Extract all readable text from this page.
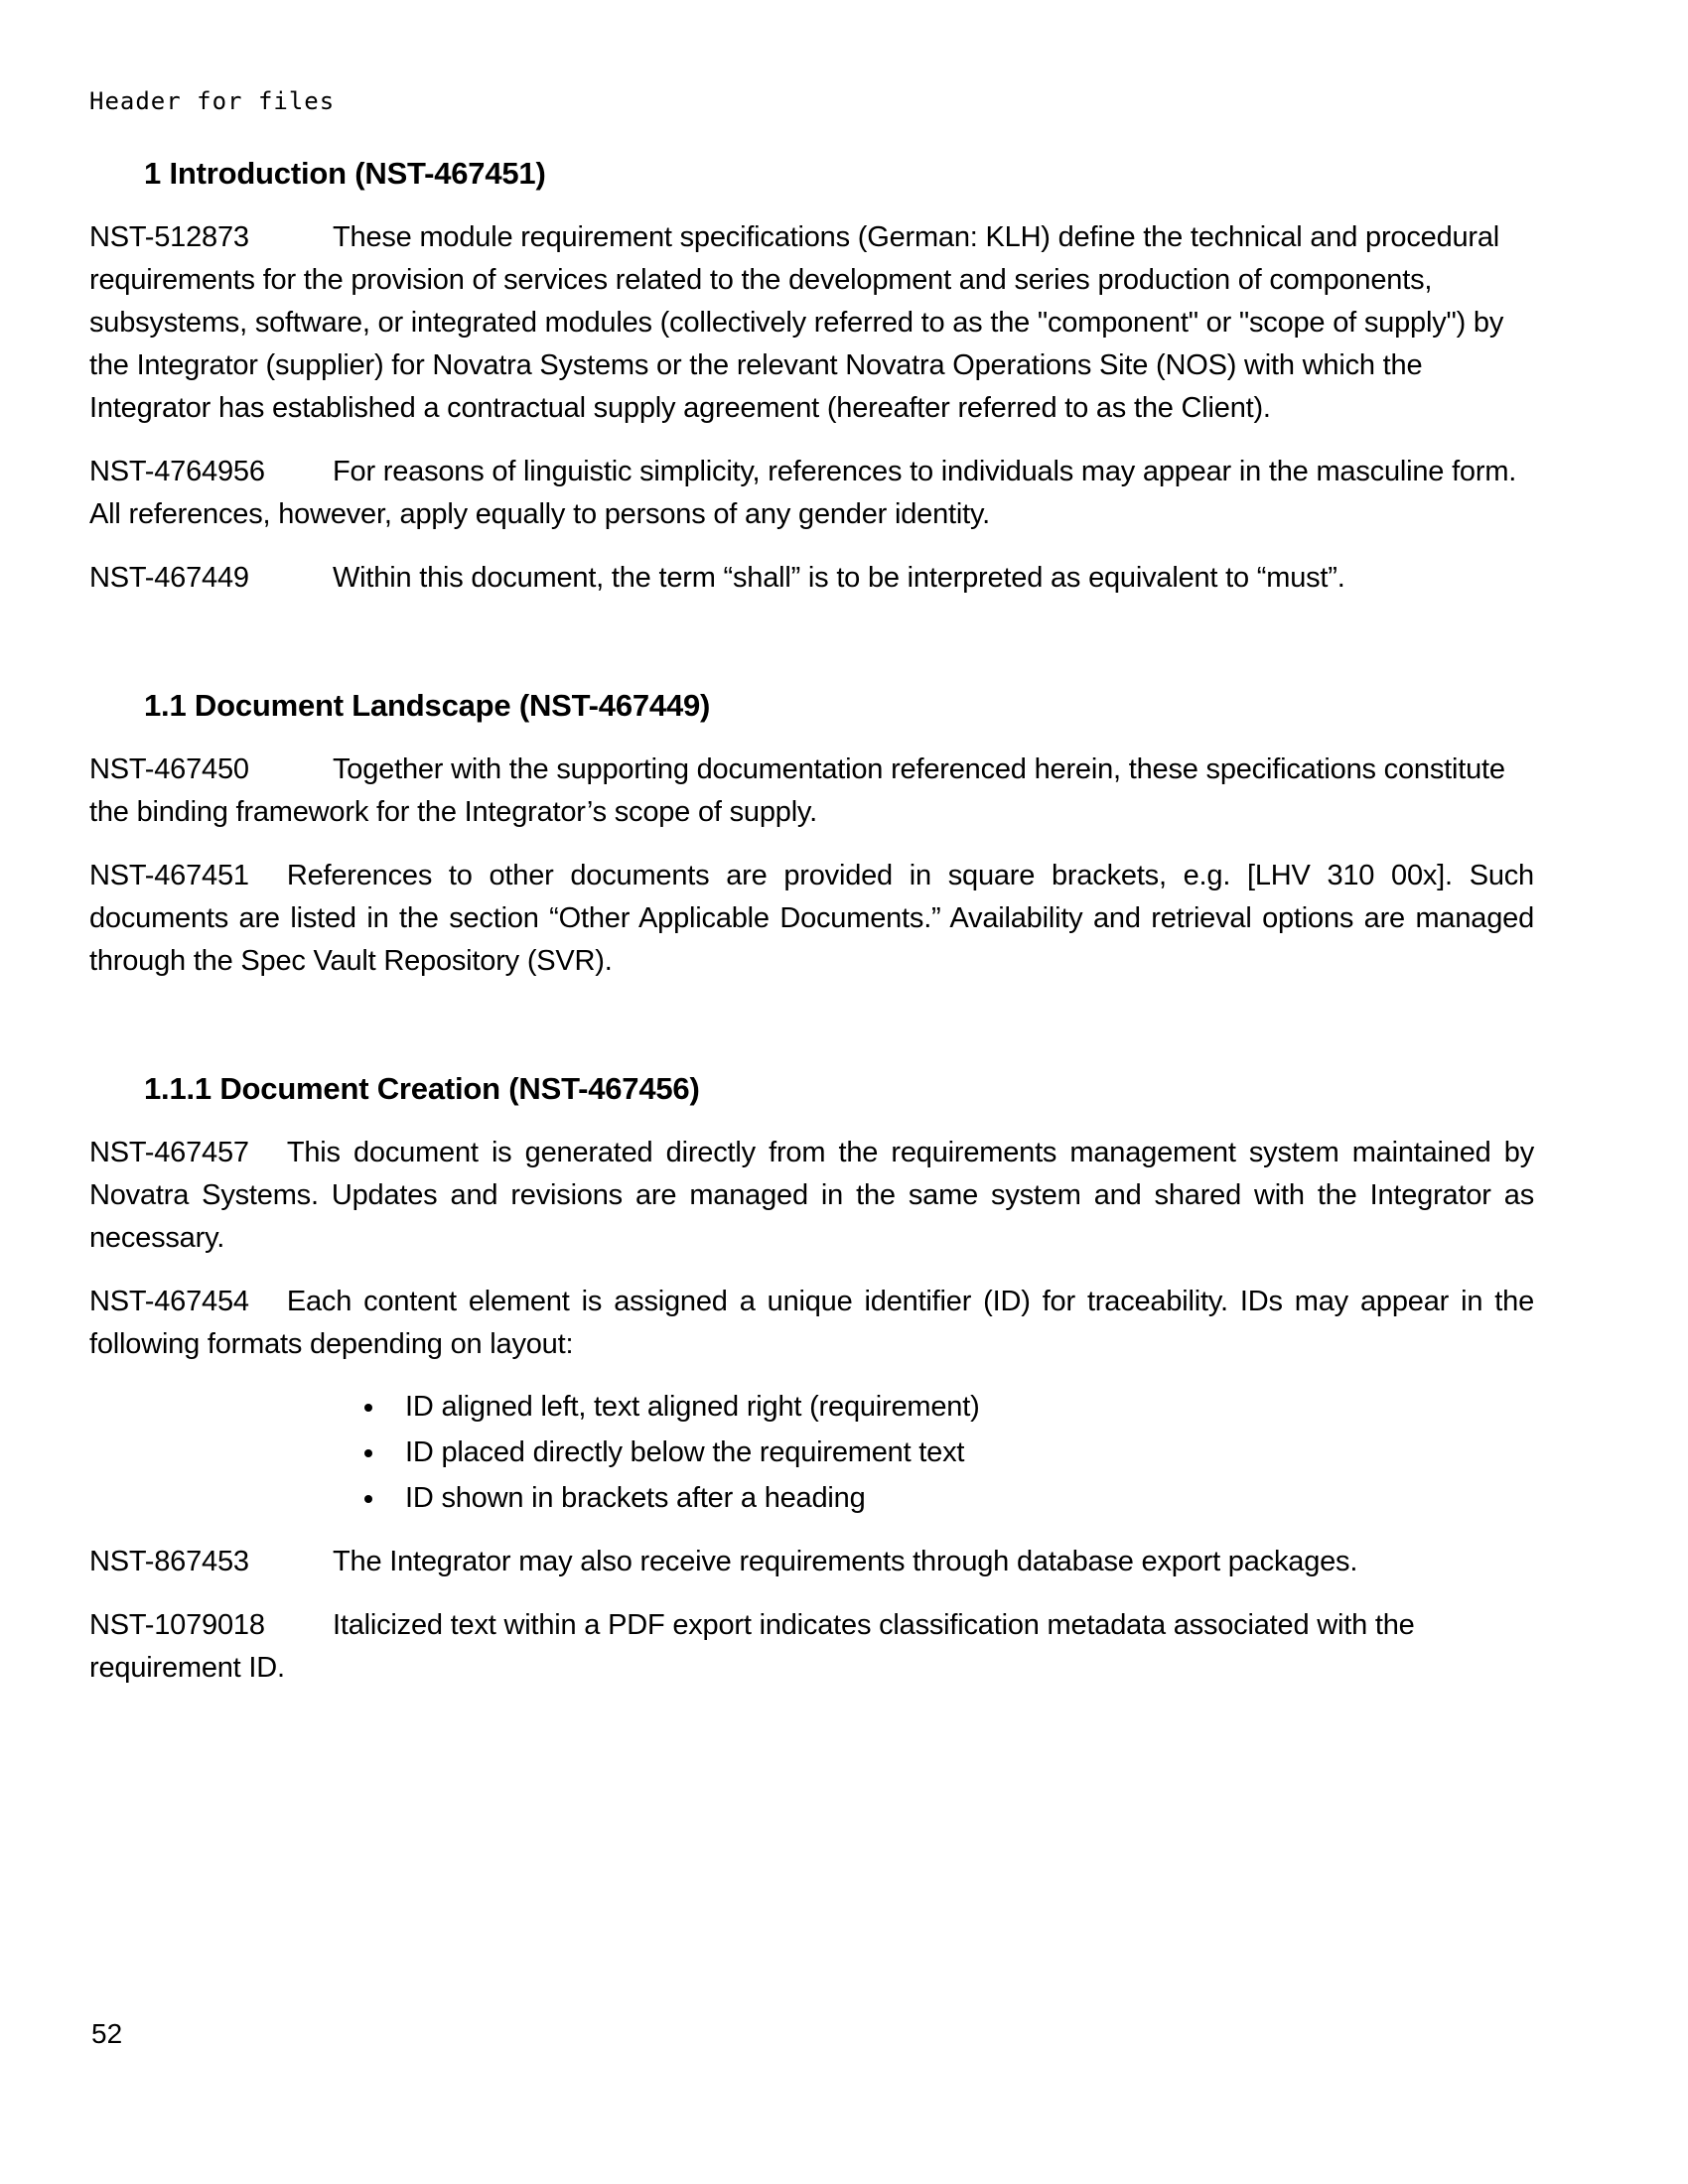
Header for files
1 Introduction (NST-467451)

NST-512873	These module requirement specifications (German: KLH) define the technical and procedural requirements for the provision of services related to the development and series production of components, subsystems, software, or integrated modules (collectively referred to as the "component" or "scope of supply") by the Integrator (supplier) for Novatra Systems or the relevant Novatra Operations Site (NOS) with which the Integrator has established a contractual supply agreement (hereafter referred to as the Client).

NST-4764956 For reasons of linguistic simplicity, references to individuals may appear in the masculine form. All references, however, apply equally to persons of any gender identity.

NST-467449	Within this document, the term “shall” is to be interpreted as equivalent to “must”.

1.1 Document Landscape (NST-467449)

NST-467450	Together with the supporting documentation referenced herein, these specifications constitute the binding framework for the Integrator’s scope of supply.

NST-467451 References to other documents are provided in square brackets, e.g. [LHV 310 00x]. Such documents are listed in the section “Other Applicable Documents.” Availability and retrieval options are managed through the Spec Vault Repository (SVR).

1.1.1 Document Creation (NST-467456)

NST-467457 This document is generated directly from the requirements management system maintained by Novatra Systems. Updates and revisions are managed in the same system and shared with the Integrator as necessary.

NST-467454 Each content element is assigned a unique identifier (ID) for traceability. IDs may appear in the following formats depending on layout:

• ID aligned left, text aligned right (requirement)
• ID placed directly below the requirement text
• ID shown in brackets after a heading

NST-867453	The Integrator may also receive requirements through database export packages.

NST-1079018 Italicized text within a PDF export indicates classification metadata associated with the requirement ID.

52
